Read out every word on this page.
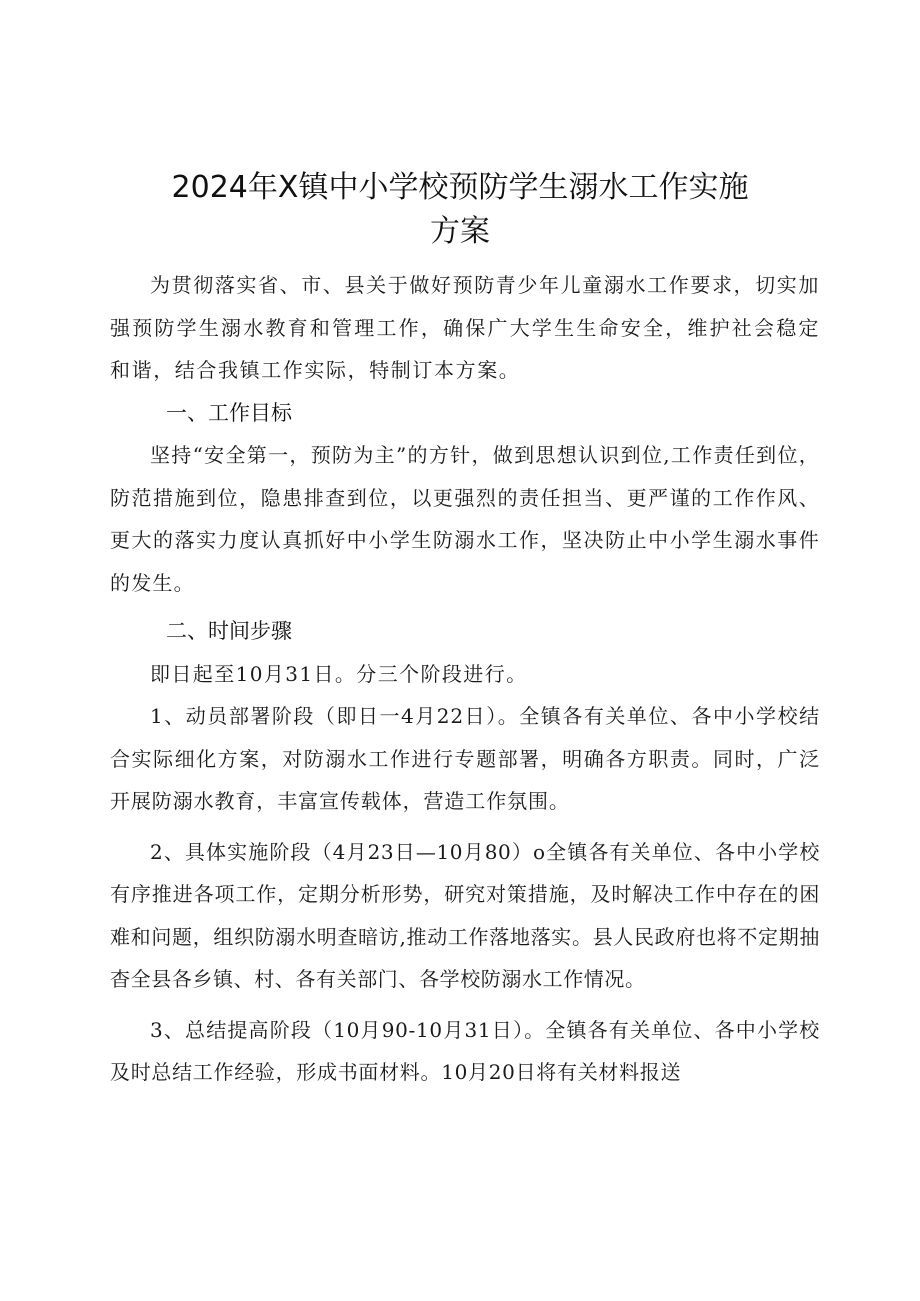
2024年X镇中小学校预防学生溺水工作实施
方案

为贯彻落实省、市、县关于做好预防青少年儿童溺水工作要求，切实加强预防学生溺水教育和管理工作，确保广大学生生命安全，维护社会稳定和谐，结合我镇工作实际，特制订本方案。

一、工作目标

坚持“安全第一，预防为主”的方针，做到思想认识到位,工作责任到位，防范措施到位，隐患排查到位，以更强烈的责任担当、更严谨的工作作风、更大的落实力度认真抓好中小学生防溺水工作，坚决防止中小学生溺水事件的发生。

二、时间步骤

即日起至10月31日。分三个阶段进行。

1、动员部署阶段（即日一4月22日）。全镇各有关单位、各中小学校结合实际细化方案，对防溺水工作进行专题部署，明确各方职责。同时，广泛开展防溺水教育，丰富宣传载体，营造工作氛围。

2、具体实施阶段（4月23日—10月80）o全镇各有关单位、各中小学校有序推进各项工作，定期分析形势，研究对策措施，及时解决工作中存在的困难和问题，组织防溺水明查暗访,推动工作落地落实。县人民政府也将不定期抽杳全县各乡镇、村、各有关部门、各学校防溺水工作情况。

3、总结提高阶段（10月90-10月31日）。全镇各有关单位、各中小学校及时总结工作经验，形成书面材料。10月20日将有关材料报送
